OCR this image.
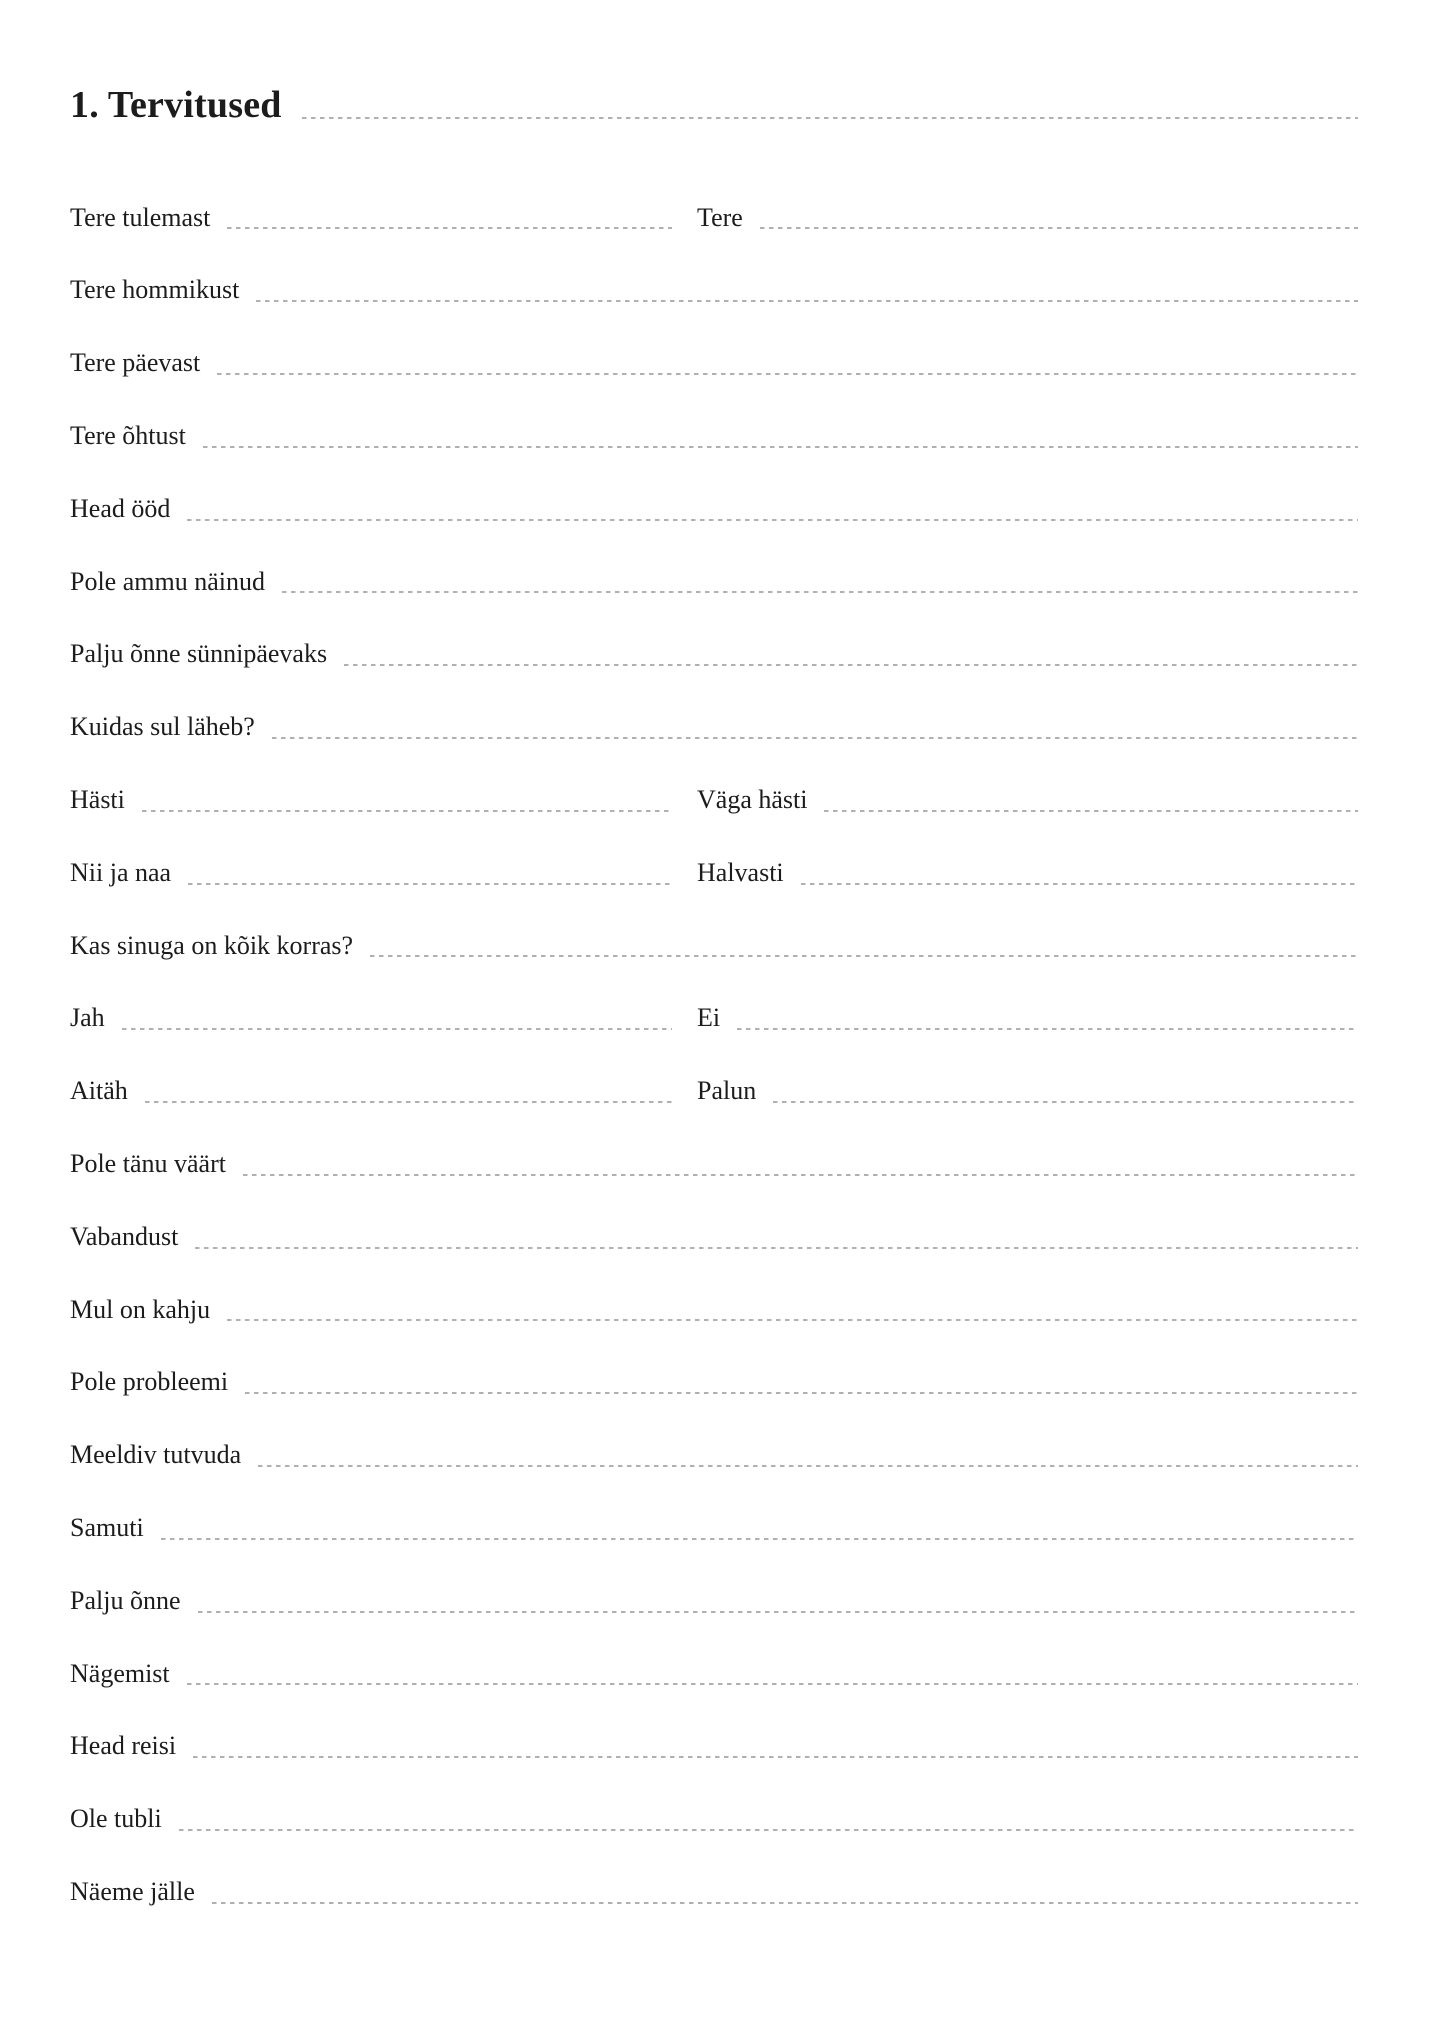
1. Tervitused
Tere tulemast	Tere
Tere hommikust
Tere päevast
Tere õhtust
Head ööd
Pole ammu näinud
Palju õnne sünnipäevaks
Kuidas sul läheb?
Hästi	Väga hästi
Nii ja naa	Halvasti
Kas sinuga on kõik korras?
Jah	Ei
Aitäh	Palun
Pole tänu väärt
Vabandust
Mul on kahju
Pole probleemi
Meeldiv tutvuda
Samuti
Palju õnne
Nägemist
Head reisi
Ole tubli
Näeme jälle
